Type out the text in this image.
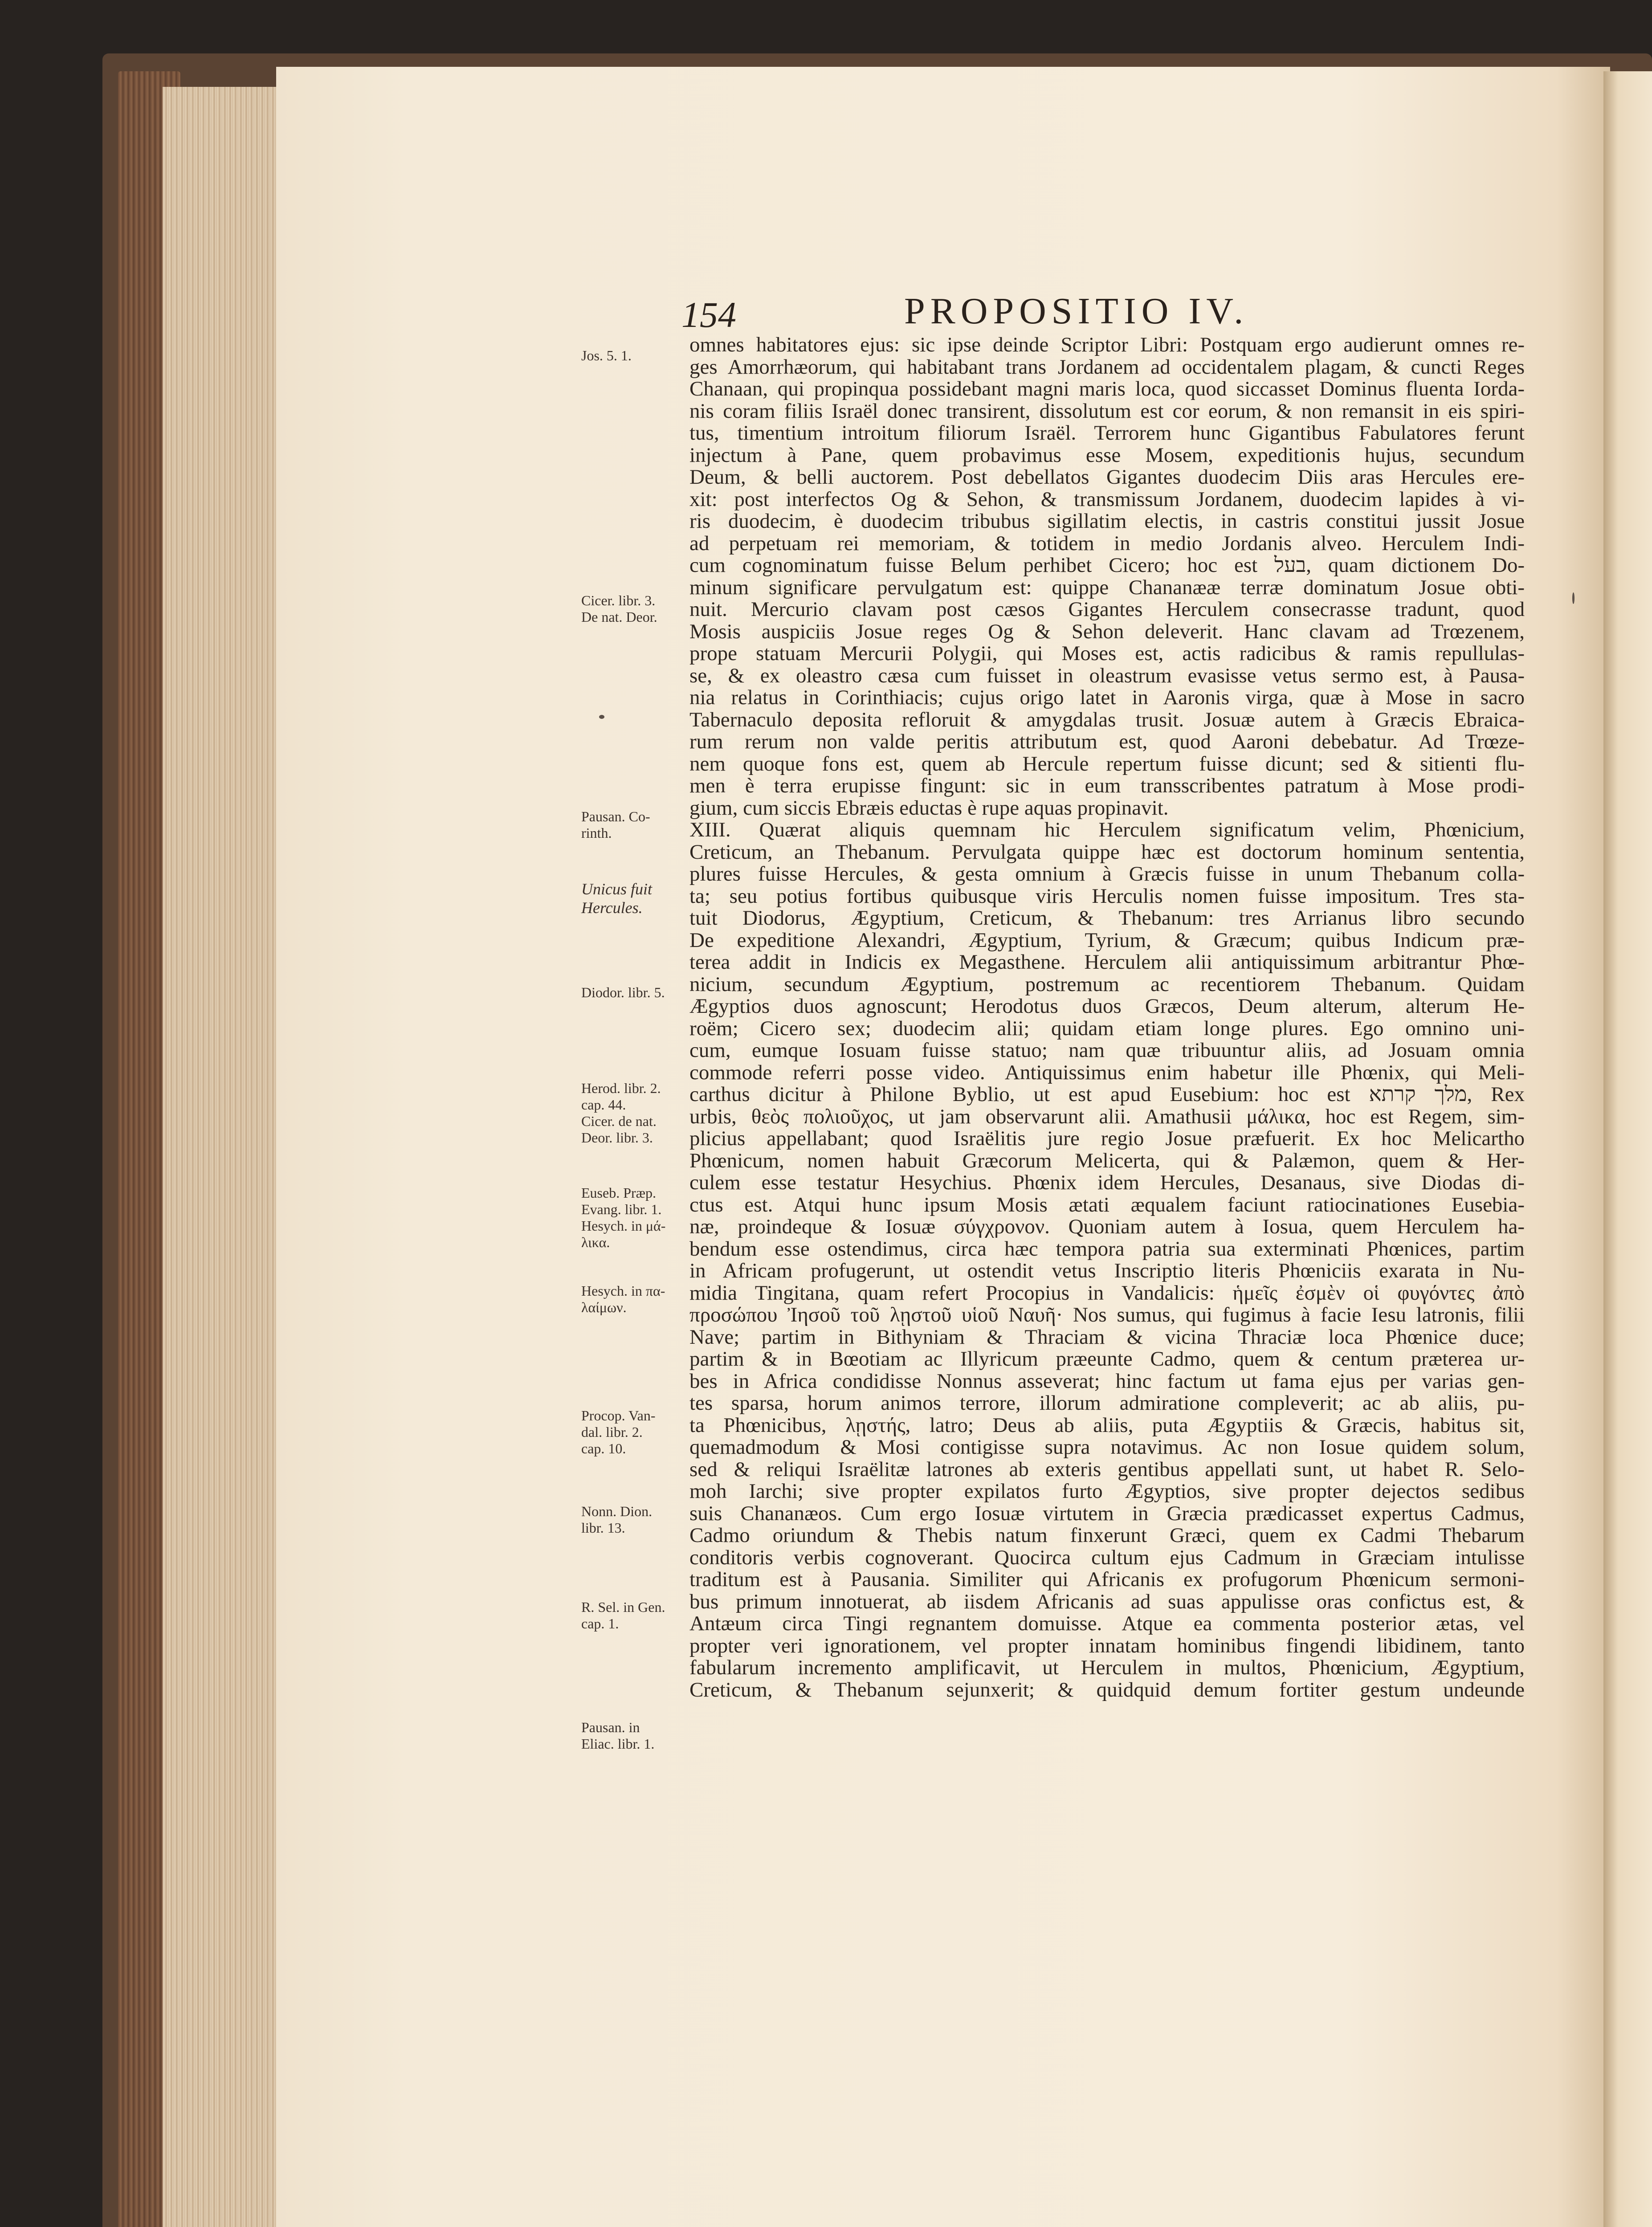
154	PROPOSITIO IV.
omnes habitatores ejus: sic ipse deinde Scriptor Libri: Postquam ergo audierunt omnes re-
ges Amorrhæorum, qui habitabant trans Jordanem ad occidentalem plagam, & cuncti Reges
Chanaan, qui propinqua possidebant magni maris loca, quod siccasset Dominus fluenta Iorda-
nis coram filiis Israël donec transirent, dissolutum est cor eorum, & non remansit in eis spiri-
tus, timentium introitum filiorum Israël. Terrorem hunc Gigantibus Fabulatores ferunt
injectum à Pane, quem probavimus esse Mosem, expeditionis hujus, secundum
Deum, & belli auctorem. Post debellatos Gigantes duodecim Diis aras Hercules ere-
xit: post interfectos Og & Sehon, & transmissum Jordanem, duodecim lapides à vi-
ris duodecim, è duodecim tribubus sigillatim electis, in castris constitui jussit Josue
ad perpetuam rei memoriam, & totidem in medio Jordanis alveo. Herculem Indi-
cum cognominatum fuisse Belum perhibet Cicero; hoc est בעל, quam dictionem Do-
minum significare pervulgatum est: quippe Chananææ terræ dominatum Josue obti-
nuit. Mercurio clavam post cæsos Gigantes Herculem consecrasse tradunt, quod
Mosis auspiciis Josue reges Og & Sehon deleverit. Hanc clavam ad Trœzenem,
prope statuam Mercurii Polygii, qui Moses est, actis radicibus & ramis repullulas-
se, & ex oleastro cæsa cum fuisset in oleastrum evasisse vetus sermo est, à Pausa-
nia relatus in Corinthiacis; cujus origo latet in Aaronis virga, quæ à Mose in sacro
Tabernaculo deposita refloruit & amygdalas trusit. Josuæ autem à Græcis Ebraica-
rum rerum non valde peritis attributum est, quod Aaroni debebatur. Ad Trœze-
nem quoque fons est, quem ab Hercule repertum fuisse dicunt; sed & sitienti flu-
men è terra erupisse fingunt: sic in eum transscribentes patratum à Mose prodi-
gium, cum siccis Ebræis eductas è rupe aquas propinavit.
XIII. Quærat aliquis quemnam hic Herculem significatum velim, Phœnicium,
Creticum, an Thebanum. Pervulgata quippe hæc est doctorum hominum sententia,
plures fuisse Hercules, & gesta omnium à Græcis fuisse in unum Thebanum colla-
ta; seu potius fortibus quibusque viris Herculis nomen fuisse impositum. Tres sta-
tuit Diodorus, Ægyptium, Creticum, & Thebanum: tres Arrianus libro secundo
De expeditione Alexandri, Ægyptium, Tyrium, & Græcum; quibus Indicum præ-
terea addit in Indicis ex Megasthene. Herculem alii antiquissimum arbitrantur Phœ-
nicium, secundum Ægyptium, postremum ac recentiorem Thebanum. Quidam
Ægyptios duos agnoscunt; Herodotus duos Græcos, Deum alterum, alterum He-
roëm; Cicero sex; duodecim alii; quidam etiam longe plures. Ego omnino uni-
cum, eumque Iosuam fuisse statuo; nam quæ tribuuntur aliis, ad Josuam omnia
commode referri posse video. Antiquissimus enim habetur ille Phœnix, qui Meli-
carthus dicitur à Philone Byblio, ut est apud Eusebium: hoc est מלך קרתא, Rex
urbis, θεὸς πολιοῦχος, ut jam observarunt alii. Amathusii μάλικα, hoc est Regem, sim-
plicius appellabant; quod Israëlitis jure regio Josue præfuerit. Ex hoc Melicartho
Phœnicum, nomen habuit Græcorum Melicerta, qui & Palæmon, quem & Her-
culem esse testatur Hesychius. Phœnix idem Hercules, Desanaus, sive Diodas di-
ctus est. Atqui hunc ipsum Mosis ætati æqualem faciunt ratiocinationes Eusebia-
næ, proindeque & Iosuæ σύγχρονον. Quoniam autem à Iosua, quem Herculem ha-
bendum esse ostendimus, circa hæc tempora patria sua exterminati Phœnices, partim
in Africam profugerunt, ut ostendit vetus Inscriptio literis Phœniciis exarata in Nu-
midia Tingitana, quam refert Procopius in Vandalicis: ἡμεῖς ἐσμὲν οἱ φυγόντες ἀπὸ
προσώπου Ἰησοῦ τοῦ λῃστοῦ υἱοῦ Ναυῆ· Nos sumus, qui fugimus à facie Iesu latronis, filii
Nave; partim in Bithyniam & Thraciam & vicina Thraciæ loca Phœnice duce;
partim & in Bœotiam ac Illyricum præeunte Cadmo, quem & centum præterea ur-
bes in Africa condidisse Nonnus asseverat; hinc factum ut fama ejus per varias gen-
tes sparsa, horum animos terrore, illorum admiratione compleverit; ac ab aliis, pu-
ta Phœnicibus, λῃστής, latro; Deus ab aliis, puta Ægyptiis & Græcis, habitus sit,
quemadmodum & Mosi contigisse supra notavimus. Ac non Iosue quidem solum,
sed & reliqui Israëlitæ latrones ab exteris gentibus appellati sunt, ut habet R. Selo-
moh Iarchi; sive propter expilatos furto Ægyptios, sive propter dejectos sedibus
suis Chananæos. Cum ergo Iosuæ virtutem in Græcia prædicasset expertus Cadmus,
Cadmo oriundum & Thebis natum finxerunt Græci, quem ex Cadmi Thebarum
conditoris verbis cognoverant. Quocirca cultum ejus Cadmum in Græciam intulisse
traditum est à Pausania. Similiter qui Africanis ex profugorum Phœnicum sermoni-
bus primum innotuerat, ab iisdem Africanis ad suas appulisse oras confictus est, &
Antæum circa Tingi regnantem domuisse. Atque ea commenta posterior ætas, vel
propter veri ignorationem, vel propter innatam hominibus fingendi libidinem, tanto
fabularum incremento amplificavit, ut Herculem in multos, Phœnicium, Ægyptium,
Creticum, & Thebanum sejunxerit; & quidquid demum fortiter gestum undeunde
Jos. 5. 1.
Cicer. libr. 3.
De nat. Deor.
Pausan. Co-
rinth.
Unicus fuit
Hercules.
Diodor. libr. 5.
Herod. libr. 2.
cap. 44.
Cicer. de nat.
Deor. libr. 3.
Euseb. Præp.
Evang. libr. 1.
Hesych. in μά-
λικα.
Hesych. in πα-
λαίμων.
Procop. Van-
dal. libr. 2.
cap. 10.
Nonn. Dion.
libr. 13.
R. Sel. in Gen.
cap. 1.
Pausan. in
Eliac. libr. 1.
